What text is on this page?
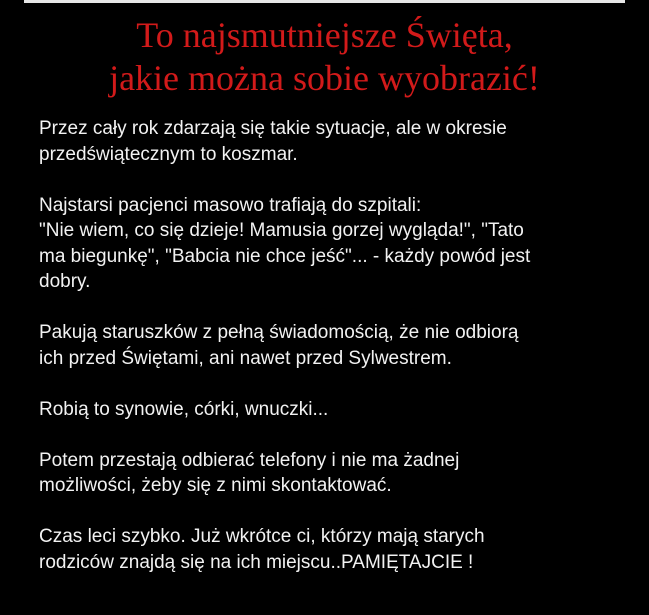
To najsmutniejsze Święta,
jakie można sobie wyobrazić!

Przez cały rok zdarzają się takie sytuacje, ale w okresie
przedświątecznym to koszmar.

Najstarsi pacjenci masowo trafiają do szpitali:
"Nie wiem, co się dzieje! Mamusia gorzej wygląda!", "Tato
ma biegunkę", "Babcia nie chce jeść"... - każdy powód jest
dobry.

Pakują staruszków z pełną świadomością, że nie odbiorą
ich przed Świętami, ani nawet przed Sylwestrem.

Robią to synowie, córki, wnuczki...

Potem przestają odbierać telefony i nie ma żadnej
możliwości, żeby się z nimi skontaktować.

Czas leci szybko. Już wkrótce ci, którzy mają starych
rodziców znajdą się na ich miejscu..PAMIĘTAJCIE !
